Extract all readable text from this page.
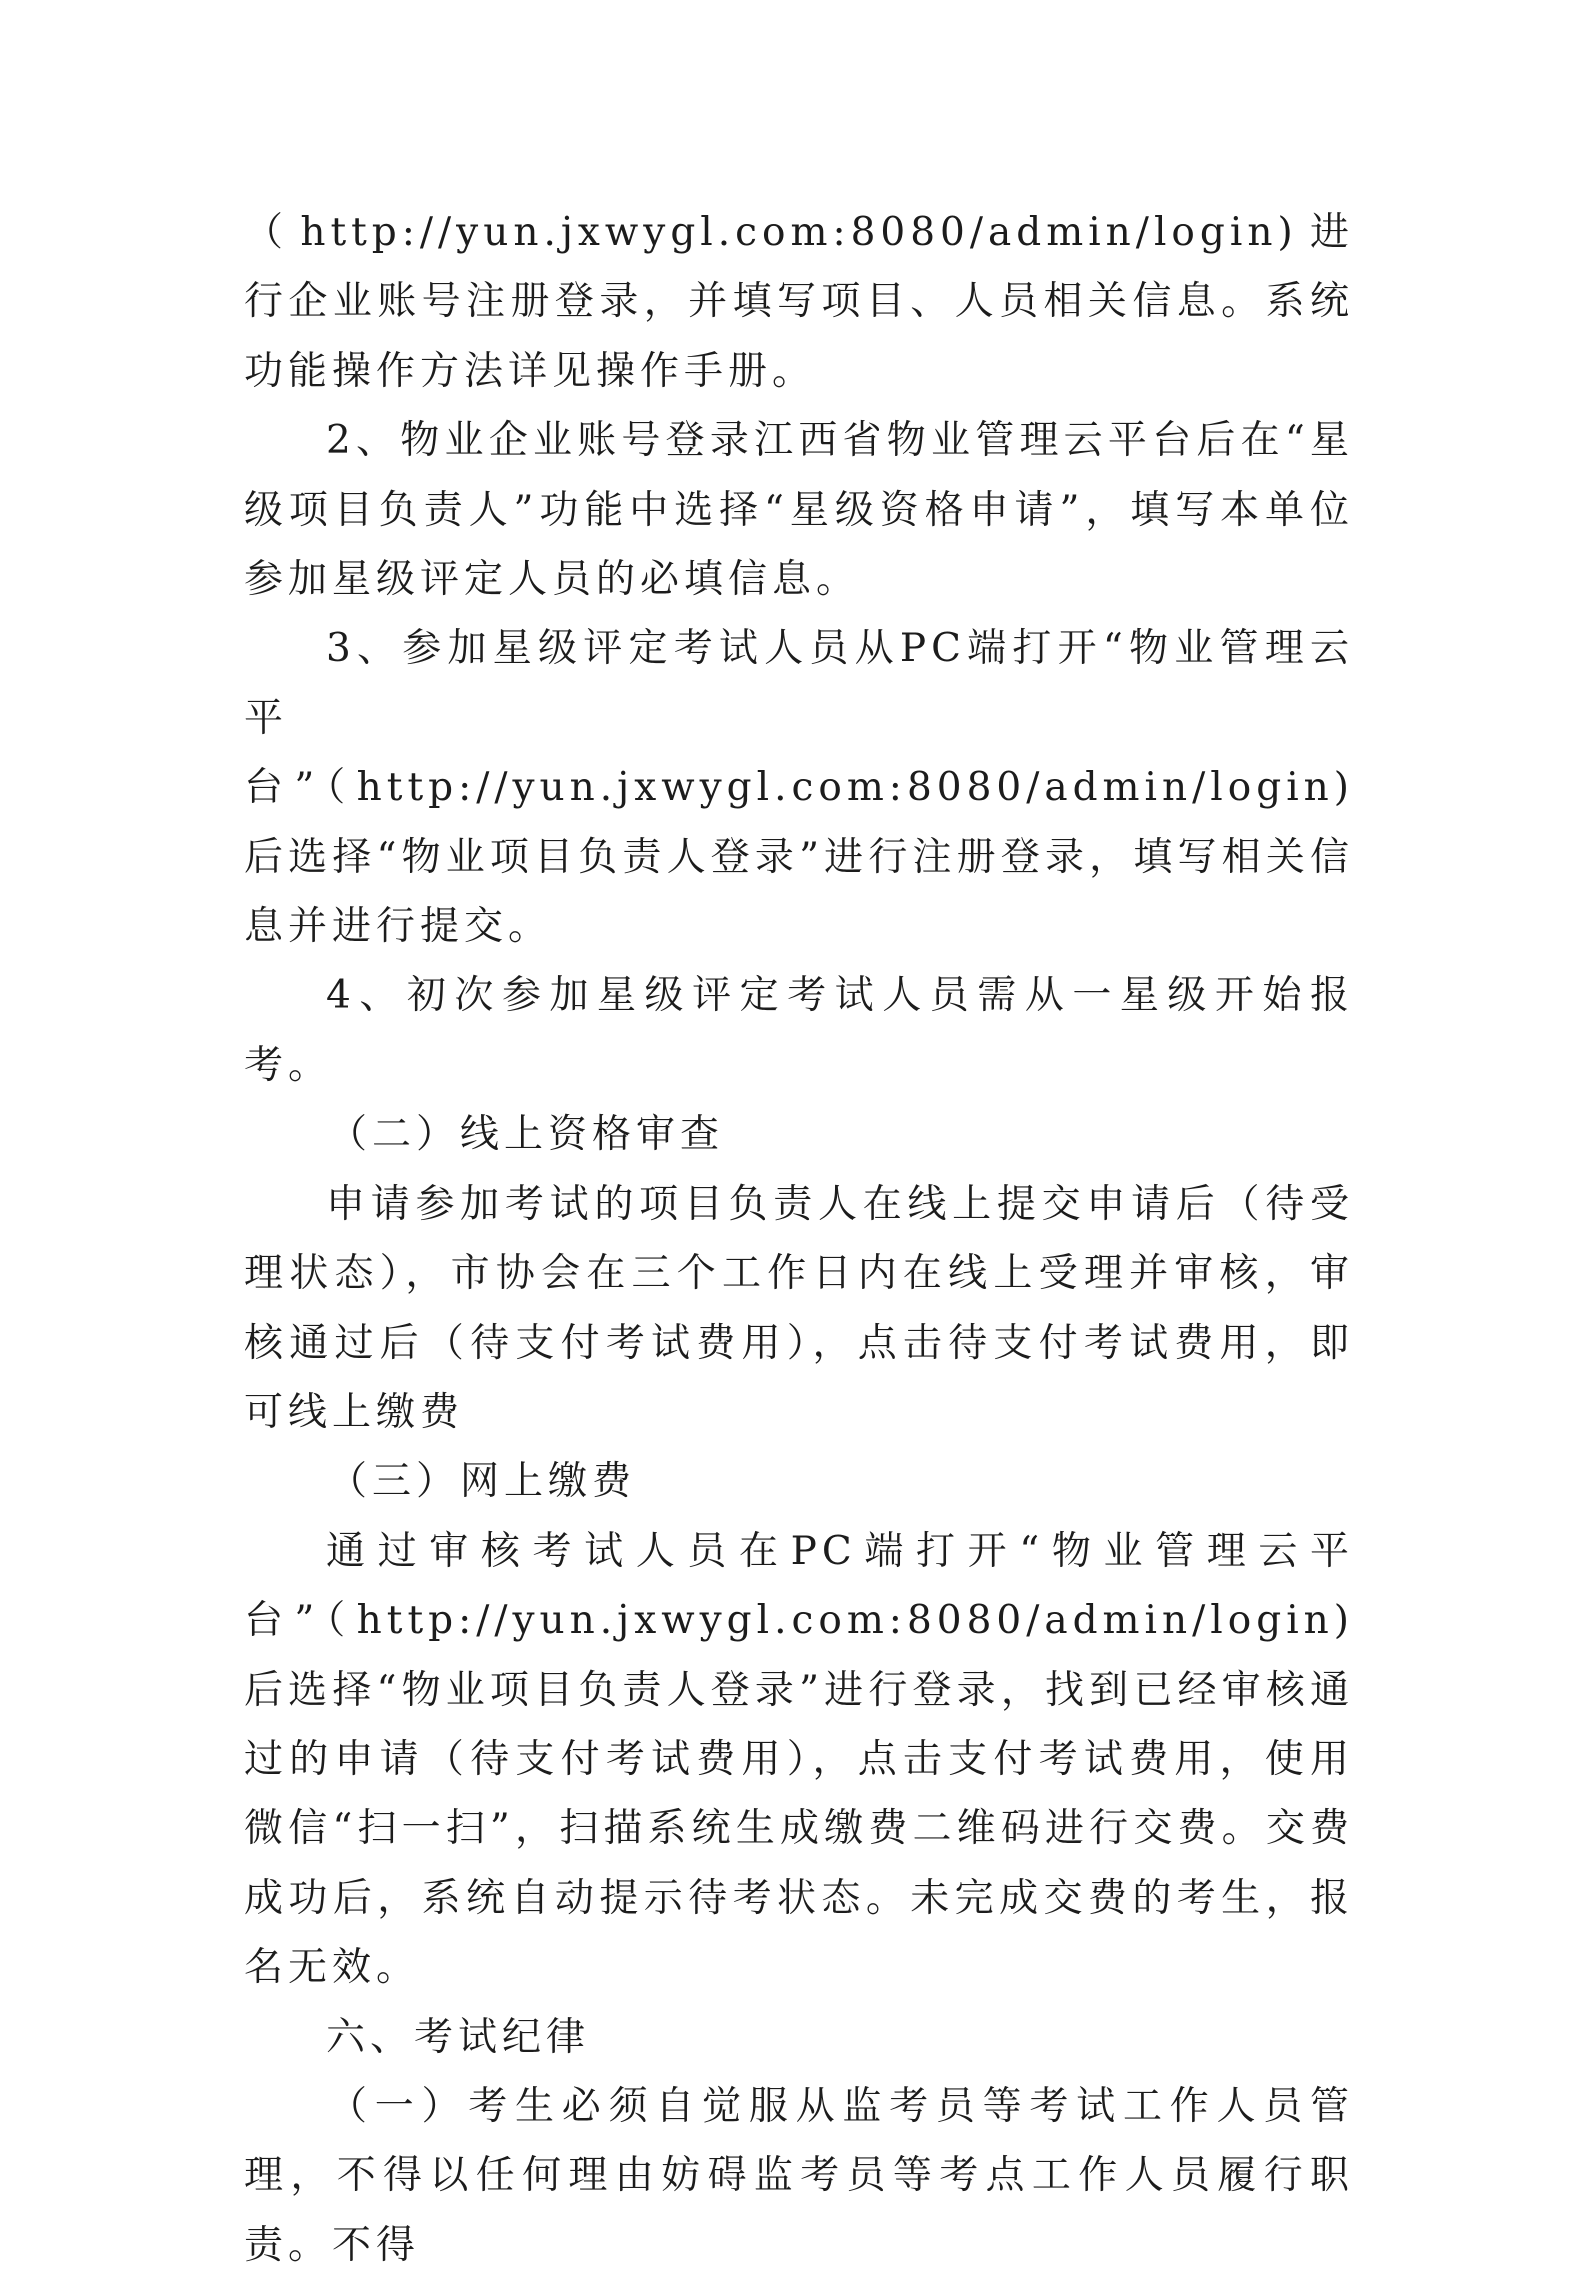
（http://yun.jxwygl.com:8080/admin/login)进行企业账号注册登录，并填写项目、人员相关信息。系统功能操作方法详见操作手册。

2、物业企业账号登录江西省物业管理云平台后在“星级项目负责人”功能中选择“星级资格申请”，填写本单位参加星级评定人员的必填信息。

3、参加星级评定考试人员从PC端打开“物业管理云平台”（http://yun.jxwygl.com:8080/admin/login)后选择“物业项目负责人登录”进行注册登录，填写相关信息并进行提交。

4、初次参加星级评定考试人员需从一星级开始报考。

（二）线上资格审查

申请参加考试的项目负责人在线上提交申请后（待受理状态），市协会在三个工作日内在线上受理并审核，审核通过后（待支付考试费用），点击待支付考试费用，即可线上缴费

（三）网上缴费

通过审核考试人员在PC端打开“物业管理云平台”（http://yun.jxwygl.com:8080/admin/login)后选择“物业项目负责人登录”进行登录，找到已经审核通过的申请（待支付考试费用），点击支付考试费用，使用微信“扫一扫”，扫描系统生成缴费二维码进行交费。交费成功后，系统自动提示待考状态。未完成交费的考生，报名无效。

六、考试纪律

（一）考生必须自觉服从监考员等考试工作人员管理，不得以任何理由妨碍监考员等考点工作人员履行职责。不得
